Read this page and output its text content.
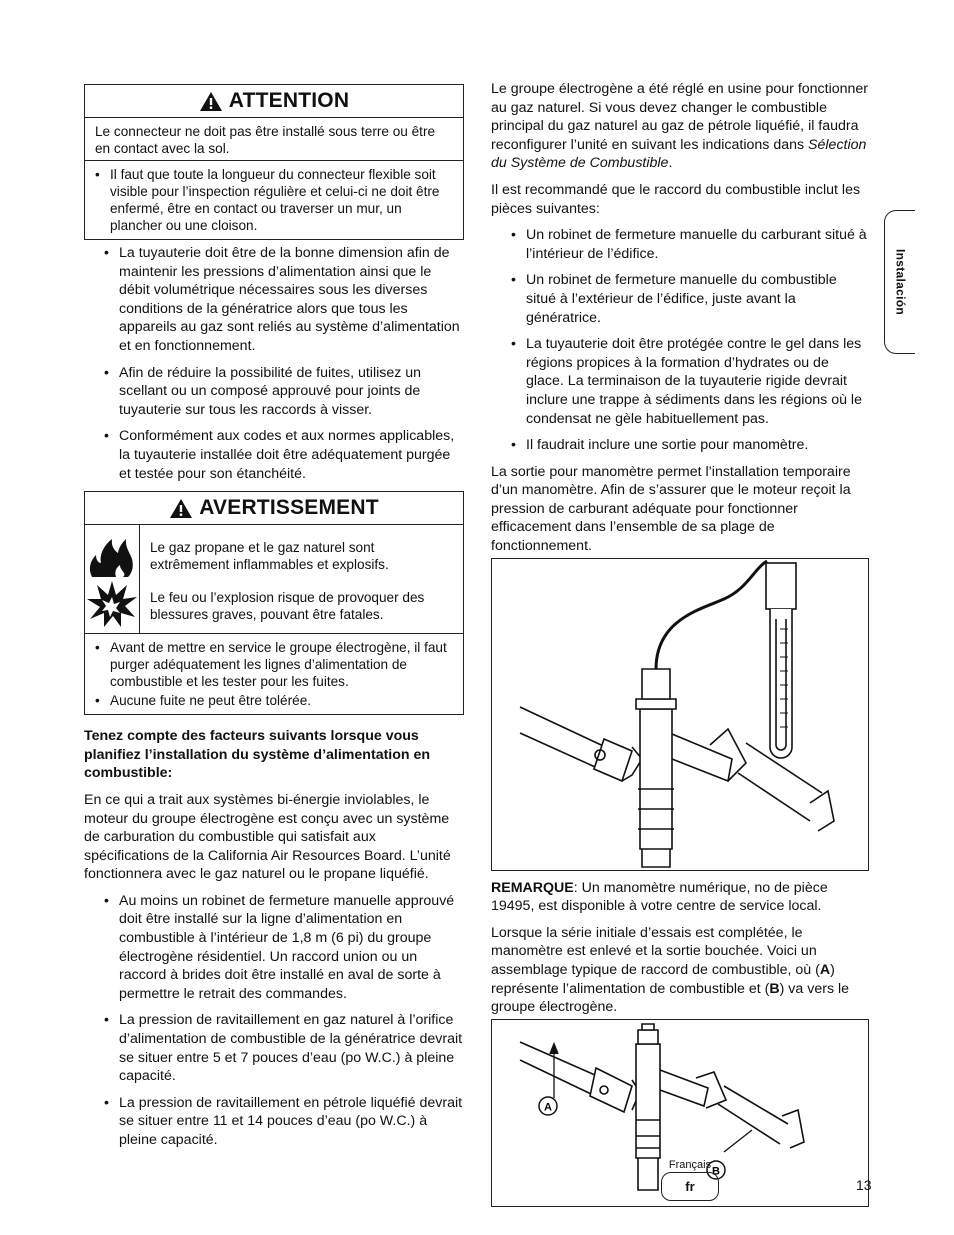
ATTENTION
Le connecteur ne doit pas être installé sous terre ou être en contact avec la sol.
• Il faut que toute la longueur du connecteur flexible soit visible pour l’inspection régulière et celui-ci ne doit être enfermé, être en contact ou traverser un mur, un plancher ou une cloison.
• La tuyauterie doit être de la bonne dimension afin de maintenir les pressions d’alimentation ainsi que le débit volumétrique nécessaires sous les diverses conditions de la génératrice alors que tous les appareils au gaz sont reliés au système d’alimentation et en fonctionnement.
• Afin de réduire la possibilité de fuites, utilisez un scellant ou un composé approuvé pour joints de tuyauterie sur tous les raccords à visser.
• Conformément aux codes et aux normes applicables, la tuyauterie installée doit être adéquatement purgée et testée pour son étanchéité.
AVERTISSEMENT
Le gaz propane et le gaz naturel sont extrêmement inflammables et explosifs.
Le feu ou l’explosion risque de provoquer des blessures graves, pouvant être fatales.
• Avant de mettre en service le groupe électrogène, il faut purger adéquatement les lignes d’alimentation de combustible et les tester pour les fuites.
• Aucune fuite ne peut être tolérée.

Tenez compte des facteurs suivants lorsque vous planifiez l’installation du système d’alimentation en combustible:

En ce qui a trait aux systèmes bi-énergie inviolables, le moteur du groupe électrogène est conçu avec un système de carburation du combustible qui satisfait aux spécifications de la California Air Resources Board. L’unité fonctionnera avec le gaz naturel ou le propane liquéfié.

• Au moins un robinet de fermeture manuelle approuvé doit être installé sur la ligne d’alimentation en combustible à l’intérieur de 1,8 m (6 pi) du groupe électrogène résidentiel. Un raccord union ou un raccord à brides doit être installé en aval de sorte à permettre le retrait des commandes.
• La pression de ravitaillement en gaz naturel à l’orifice d’alimentation de combustible de la génératrice devrait se situer entre 5 et 7 pouces d’eau (po W.C.) à pleine capacité.
• La pression de ravitaillement en pétrole liquéfié devrait se situer entre 11 et 14 pouces d’eau (po W.C.) à pleine capacité.

Le groupe électrogène a été réglé en usine pour fonctionner au gaz naturel. Si vous devez changer le combustible principal du gaz naturel au gaz de pétrole liquéfié, il faudra reconfigurer l’unité en suivant les indications dans Sélection du Système de Combustible.

Il est recommandé que le raccord du combustible inclut les pièces suivantes:

• Un robinet de fermeture manuelle du carburant situé à l’intérieur de l’édifice.
• Un robinet de fermeture manuelle du combustible situé à l’extérieur de l’édifice, juste avant la génératrice.
• La tuyauterie doit être protégée contre le gel dans les régions propices à la formation d’hydrates ou de glace. La terminaison de la tuyauterie rigide devrait inclure une trappe à sédiments dans les régions où le condensat ne gèle habituellement pas.
• Il faudrait inclure une sortie pour manomètre.

La sortie pour manomètre permet l’installation temporaire d’un manomètre. Afin de s’assurer que le moteur reçoit la pression de carburant adéquate pour fonctionner efficacement dans l’ensemble de sa plage de fonctionnement.

REMARQUE: Un manomètre numérique, no de pièce 19495, est disponible à votre centre de service local.

Lorsque la série initiale d’essais est complétée, le manomètre est enlevé et la sortie bouchée. Voici un assemblage typique de raccord de combustible, où (A) représente l’alimentation de combustible et (B) va vers le groupe électrogène.

A
B
Instalación
Français
fr	13
